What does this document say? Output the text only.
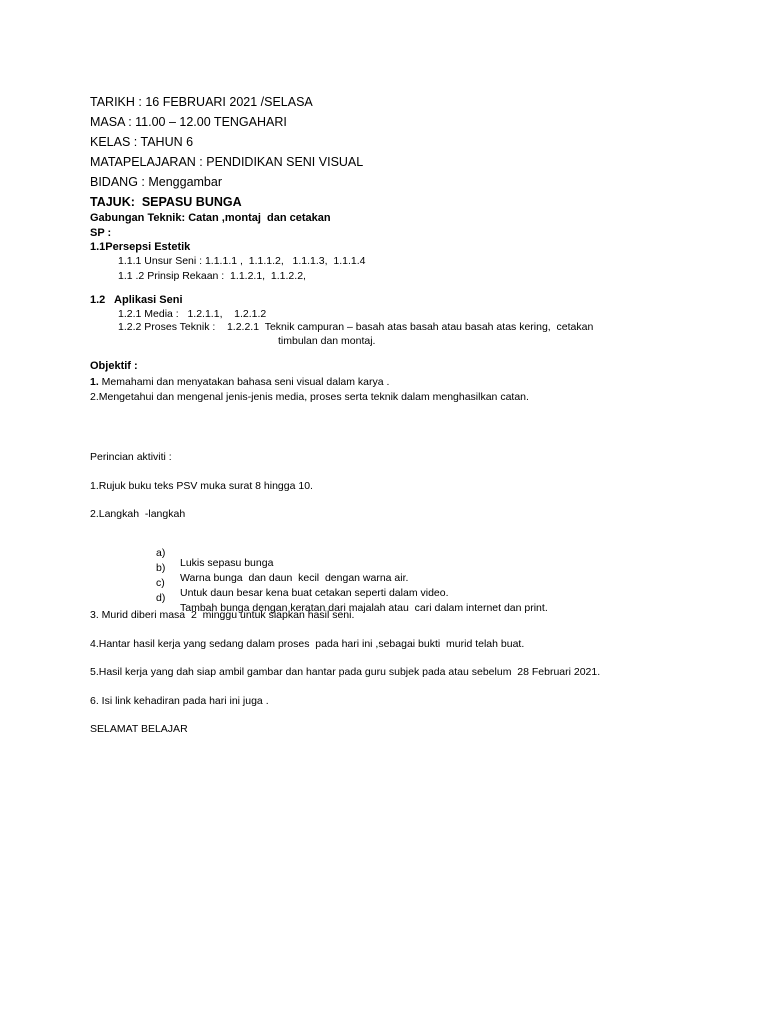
TARIKH : 16 FEBRUARI 2021 /SELASA
MASA : 11.00 – 12.00 TENGAHARI
KELAS : TAHUN 6
MATAPELAJARAN : PENDIDIKAN SENI VISUAL
BIDANG : Menggambar
TAJUK:  SEPASU BUNGA
Gabungan Teknik: Catan ,montaj  dan cetakan
SP :
1.1Persepsi Estetik
1.1.1 Unsur Seni : 1.1.1.1 ,  1.1.1.2,   1.1.1.3,  1.1.1.4
1.1 .2 Prinsip Rekaan :  1.1.2.1,  1.1.2.2,
1.2   Aplikasi Seni
1.2.1 Media :   1.2.1.1,    1.2.1.2
1.2.2 Proses Teknik :    1.2.2.1  Teknik campuran – basah atas basah atau basah atas kering,  cetakan
timbulan dan montaj.
Objektif :
1. Memahami dan menyatakan bahasa seni visual dalam karya .
2.Mengetahui dan mengenal jenis-jenis media, proses serta teknik dalam menghasilkan catan.
Perincian aktiviti :
1.Rujuk buku teks PSV muka surat 8 hingga 10.
2.Langkah  -langkah

a)

Lukis sepasu bunga

b)

Warna bunga  dan daun  kecil  dengan warna air.

c)

Untuk daun besar kena buat cetakan seperti dalam video.

d)

Tambah bunga dengan keratan dari majalah atau  cari dalam internet dan print.

3. Murid diberi masa  2  minggu untuk siapkan hasil seni.
4.Hantar hasil kerja yang sedang dalam proses  pada hari ini ,sebagai bukti  murid telah buat.
5.Hasil kerja yang dah siap ambil gambar dan hantar pada guru subjek pada atau sebelum  28 Februari 2021.
6. Isi link kehadiran pada hari ini juga .
SELAMAT BELAJAR
